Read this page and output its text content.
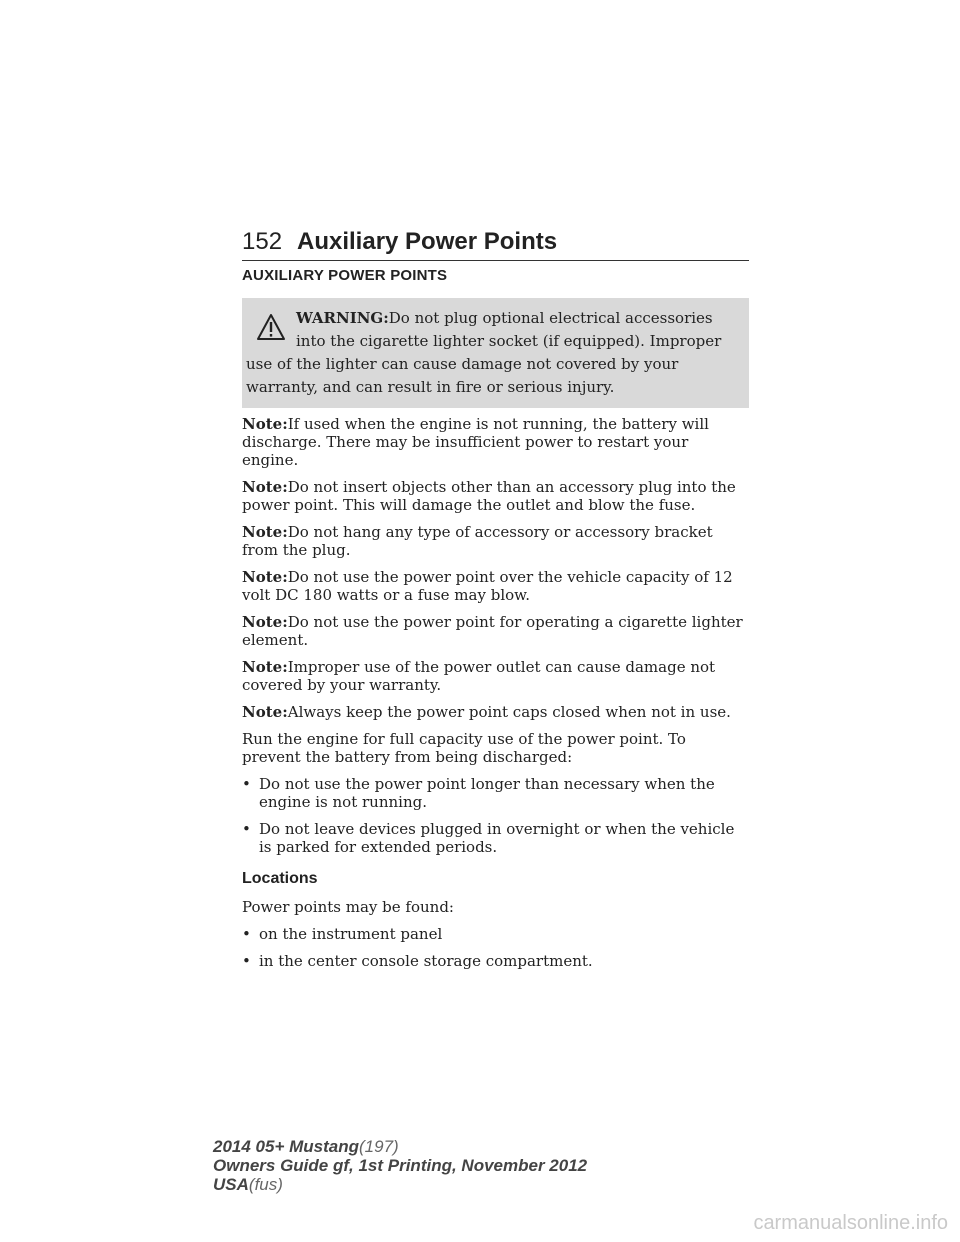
152 Auxiliary Power Points
AUXILIARY POWER POINTS
WARNING:Do not plug optional electrical accessories into the cigarette lighter socket (if equipped). Improper use of the lighter can cause damage not covered by your warranty, and can result in fire or serious injury.

Note:If used when the engine is not running, the battery will discharge. There may be insufficient power to restart your engine.

Note:Do not insert objects other than an accessory plug into the power point. This will damage the outlet and blow the fuse.

Note:Do not hang any type of accessory or accessory bracket from the plug.

Note:Do not use the power point over the vehicle capacity of 12 volt DC 180 watts or a fuse may blow.

Note:Do not use the power point for operating a cigarette lighter element.

Note:Improper use of the power outlet can cause damage not covered by your warranty.

Note:Always keep the power point caps closed when not in use.

Run the engine for full capacity use of the power point. To prevent the battery from being discharged:

• Do not use the power point longer than necessary when the engine is not running.
• Do not leave devices plugged in overnight or when the vehicle is parked for extended periods.
Locations

Power points may be found:

• on the instrument panel
• in the center console storage compartment.
2014 05+ Mustang(197)
Owners Guide gf, 1st Printing, November 2012
USA(fus)
carmanualsonline.info
